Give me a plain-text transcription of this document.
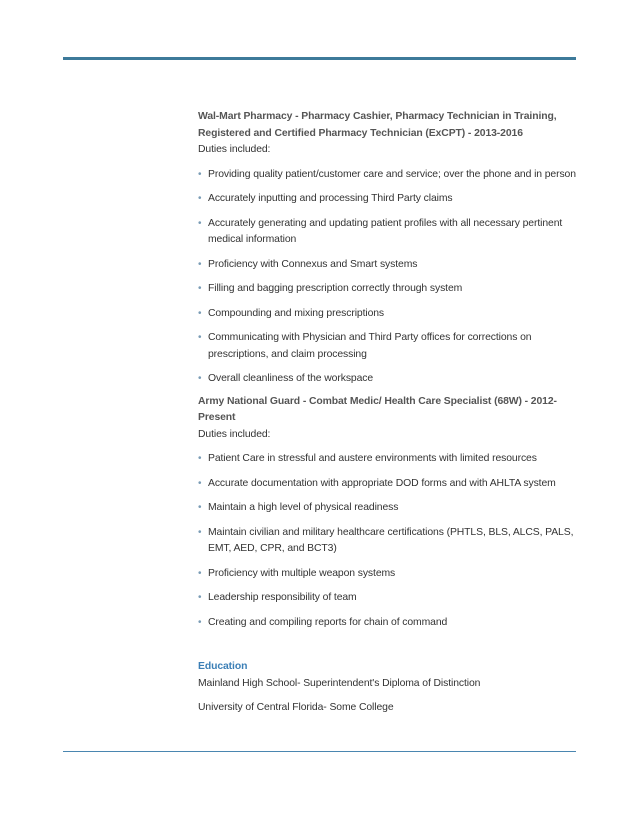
Wal-Mart Pharmacy - Pharmacy Cashier, Pharmacy Technician in Training, Registered and Certified Pharmacy Technician (ExCPT) - 2013-2016

Duties included:

• Providing quality patient/customer care and service; over the phone and in person
• Accurately inputting and processing Third Party claims
• Accurately generating and updating patient profiles with all necessary pertinent medical information
• Proficiency with Connexus and Smart systems
• Filling and bagging prescription correctly through system
• Compounding and mixing prescriptions
• Communicating with Physician and Third Party offices for corrections on prescriptions, and claim processing
• Overall cleanliness of the workspace

Army National Guard - Combat Medic/ Health Care Specialist (68W) - 2012-Present

Duties included:

• Patient Care in stressful and austere environments with limited resources
• Accurate documentation with appropriate DOD forms and with AHLTA system
• Maintain a high level of physical readiness
• Maintain civilian and military healthcare certifications (PHTLS, BLS, ALCS, PALS, EMT, AED, CPR, and BCT3)
• Proficiency with multiple weapon systems
• Leadership responsibility of team
• Creating and compiling reports for chain of command

Education

Mainland High School- Superintendent's Diploma of Distinction

University of Central Florida- Some College
